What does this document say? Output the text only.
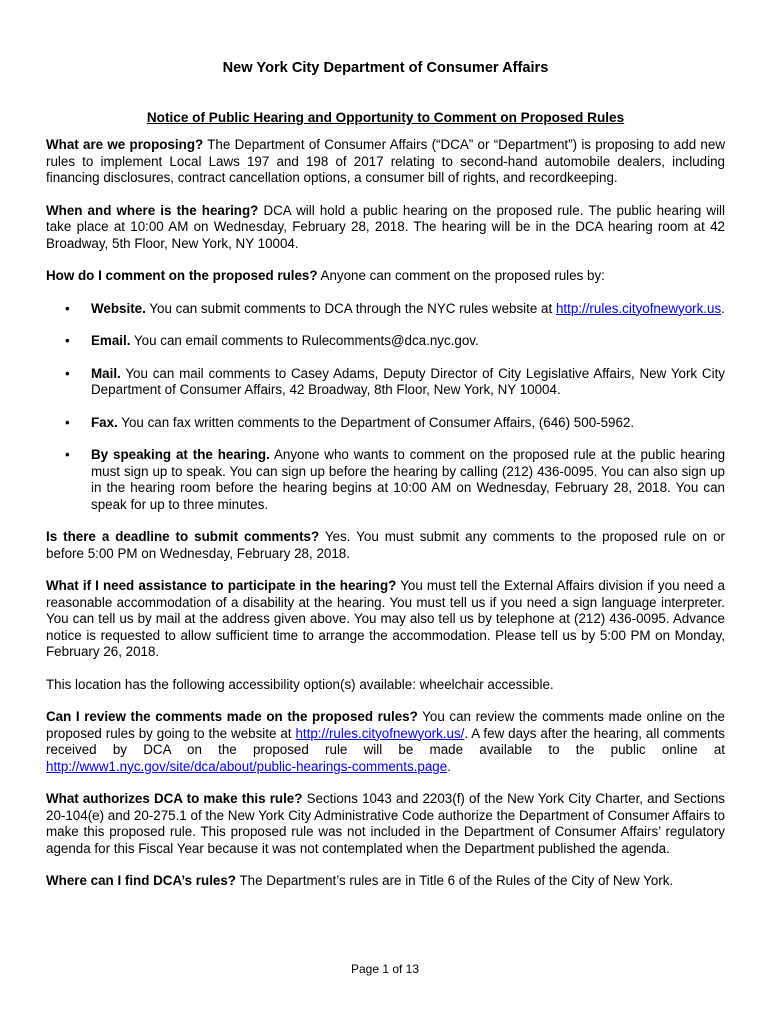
New York City Department of Consumer Affairs
Notice of Public Hearing and Opportunity to Comment on Proposed Rules

What are we proposing? The Department of Consumer Affairs (“DCA” or “Department”) is proposing to add new rules to implement Local Laws 197 and 198 of 2017 relating to second-hand automobile dealers, including financing disclosures, contract cancellation options, a consumer bill of rights, and recordkeeping.

When and where is the hearing? DCA will hold a public hearing on the proposed rule. The public hearing will take place at 10:00 AM on Wednesday, February 28, 2018. The hearing will be in the DCA hearing room at 42 Broadway, 5th Floor, New York, NY 10004.

How do I comment on the proposed rules? Anyone can comment on the proposed rules by:

• Website. You can submit comments to DCA through the NYC rules website at http://rules.cityofnewyork.us.
• Email. You can email comments to Rulecomments@dca.nyc.gov.
• Mail. You can mail comments to Casey Adams, Deputy Director of City Legislative Affairs, New York City Department of Consumer Affairs, 42 Broadway, 8th Floor, New York, NY 10004.
• Fax. You can fax written comments to the Department of Consumer Affairs, (646) 500-5962.
• By speaking at the hearing. Anyone who wants to comment on the proposed rule at the public hearing must sign up to speak. You can sign up before the hearing by calling (212) 436-0095. You can also sign up in the hearing room before the hearing begins at 10:00 AM on Wednesday, February 28, 2018. You can speak for up to three minutes.

Is there a deadline to submit comments? Yes. You must submit any comments to the proposed rule on or before 5:00 PM on Wednesday, February 28, 2018.

What if I need assistance to participate in the hearing? You must tell the External Affairs division if you need a reasonable accommodation of a disability at the hearing. You must tell us if you need a sign language interpreter. You can tell us by mail at the address given above. You may also tell us by telephone at (212) 436-0095. Advance notice is requested to allow sufficient time to arrange the accommodation. Please tell us by 5:00 PM on Monday, February 26, 2018.

This location has the following accessibility option(s) available: wheelchair accessible.

Can I review the comments made on the proposed rules? You can review the comments made online on the proposed rules by going to the website at http://rules.cityofnewyork.us/. A few days after the hearing, all comments received by DCA on the proposed rule will be made available to the public online at http://www1.nyc.gov/site/dca/about/public-hearings-comments.page.

What authorizes DCA to make this rule? Sections 1043 and 2203(f) of the New York City Charter, and Sections 20-104(e) and 20-275.1 of the New York City Administrative Code authorize the Department of Consumer Affairs to make this proposed rule. This proposed rule was not included in the Department of Consumer Affairs’ regulatory agenda for this Fiscal Year because it was not contemplated when the Department published the agenda.

Where can I find DCA’s rules? The Department’s rules are in Title 6 of the Rules of the City of New York.

Page 1 of 13
